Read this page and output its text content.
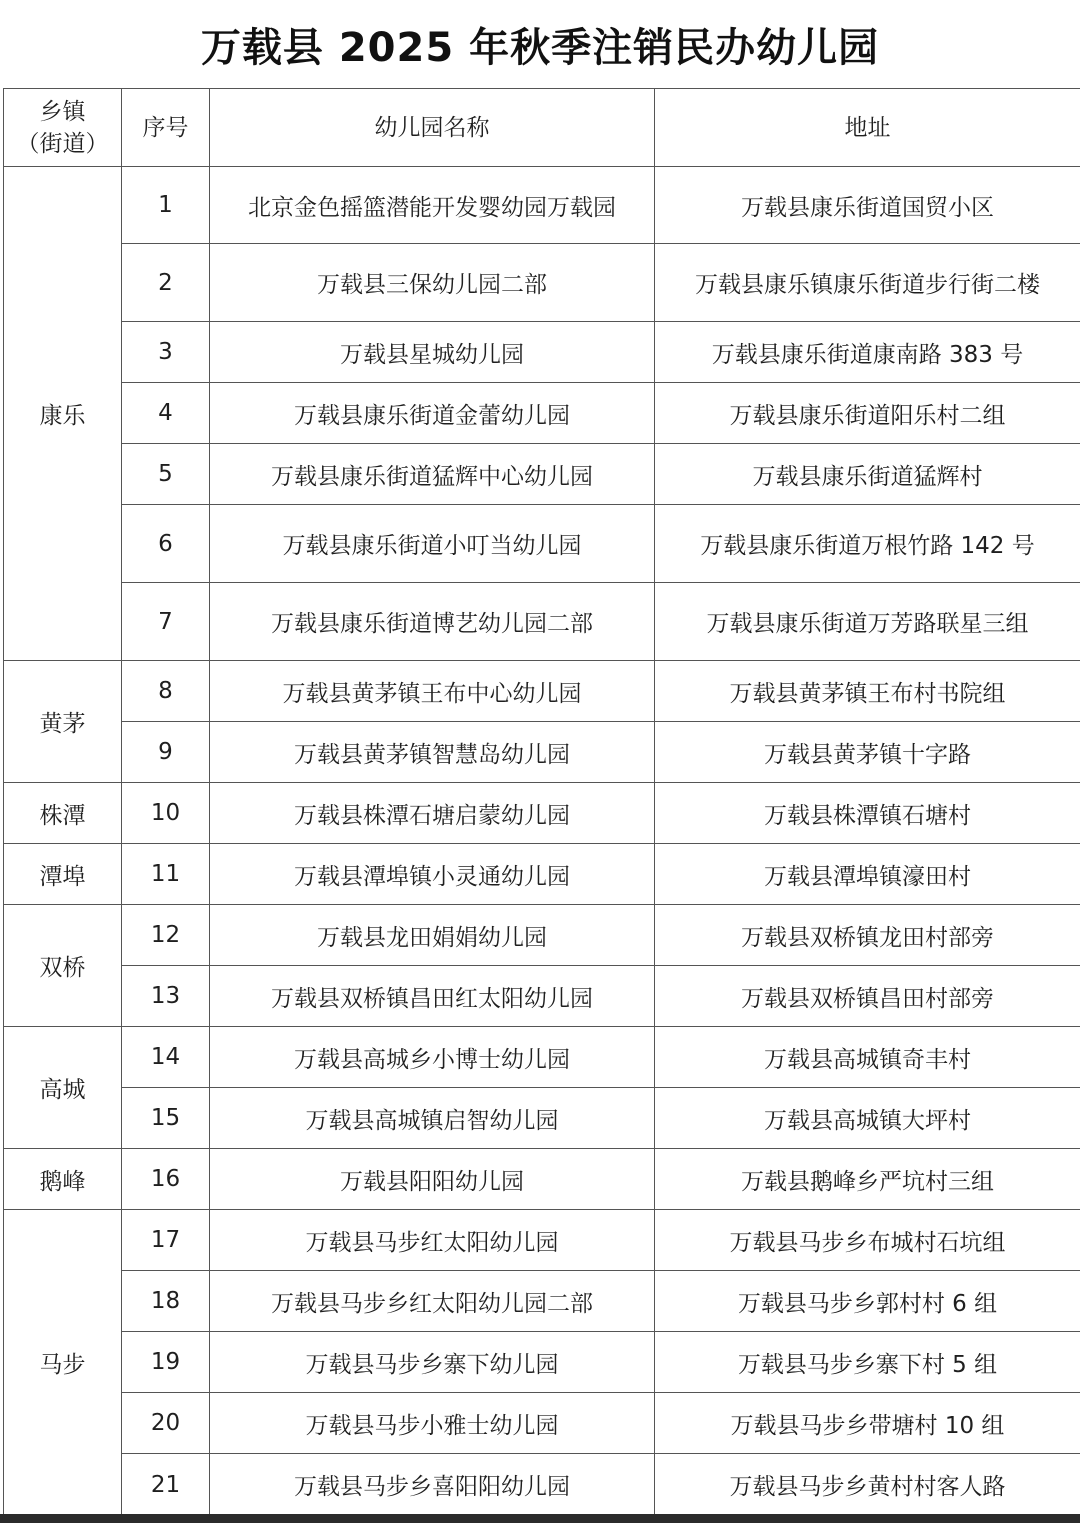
万载县 2025 年秋季注销民办幼儿园
乡镇
（街道）	序号	幼儿园名称	地址
康乐	1	北京金色摇篮潜能开发婴幼园万载园	万载县康乐街道国贸小区
	2	万载县三保幼儿园二部	万载县康乐镇康乐街道步行街二楼
	3	万载县星城幼儿园	万载县康乐街道康南路 383 号
	4	万载县康乐街道金蕾幼儿园	万载县康乐街道阳乐村二组
	5	万载县康乐街道猛辉中心幼儿园	万载县康乐街道猛辉村
	6	万载县康乐街道小叮当幼儿园	万载县康乐街道万根竹路 142 号
	7	万载县康乐街道博艺幼儿园二部	万载县康乐街道万芳路联星三组
黄茅	8	万载县黄茅镇王布中心幼儿园	万载县黄茅镇王布村书院组
	9	万载县黄茅镇智慧岛幼儿园	万载县黄茅镇十字路
株潭	10	万载县株潭石塘启蒙幼儿园	万载县株潭镇石塘村
潭埠	11	万载县潭埠镇小灵通幼儿园	万载县潭埠镇濠田村
双桥	12	万载县龙田娟娟幼儿园	万载县双桥镇龙田村部旁
	13	万载县双桥镇昌田红太阳幼儿园	万载县双桥镇昌田村部旁
高城	14	万载县高城乡小博士幼儿园	万载县高城镇奇丰村
	15	万载县高城镇启智幼儿园	万载县高城镇大坪村
鹅峰	16	万载县阳阳幼儿园	万载县鹅峰乡严坑村三组
马步	17	万载县马步红太阳幼儿园	万载县马步乡布城村石坑组
	18	万载县马步乡红太阳幼儿园二部	万载县马步乡郭村村 6 组
	19	万载县马步乡寨下幼儿园	万载县马步乡寨下村 5 组
	20	万载县马步小雅士幼儿园	万载县马步乡带塘村 10 组
	21	万载县马步乡喜阳阳幼儿园	万载县马步乡黄村村客人路
